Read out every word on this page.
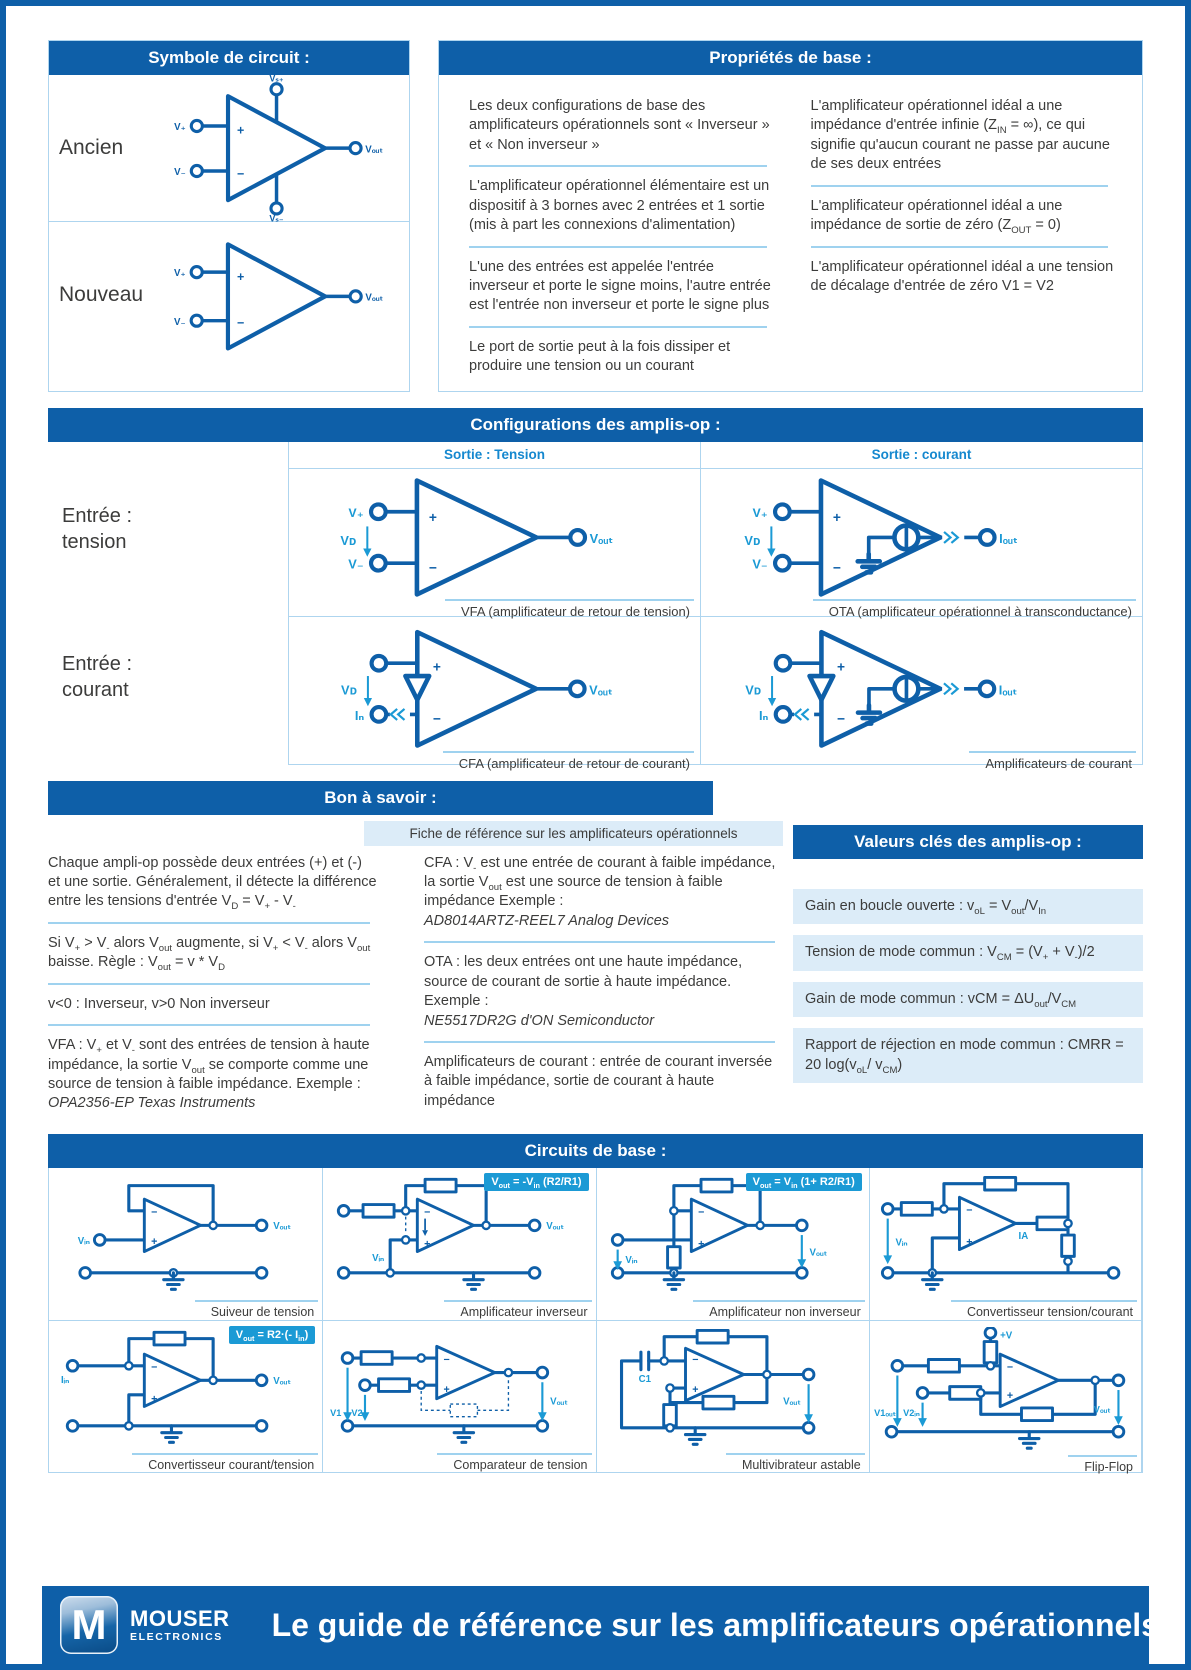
Symbole de circuit :
Ancien
+
−
V₊
V₋
Vₛ₊
Vₛ₋
Vₒᵤₜ
Nouveau
+
−
V₊
V₋
Vₒᵤₜ
Propriétés de base :
Les deux configurations de base des amplificateurs opérationnels sont « Inverseur » et « Non inverseur »
L'amplificateur opérationnel élémentaire est un dispositif à 3 bornes avec 2 entrées et 1 sortie (mis à part les connexions d'alimentation)
L'une des entrées est appelée l'entrée inverseur et porte le signe moins, l'autre entrée est l'entrée non inverseur et porte le signe plus
Le port de sortie peut à la fois dissiper et produire une tension ou un courant
L'amplificateur opérationnel idéal a une impédance d'entrée infinie ($Z_{IN}$ = ∞), ce qui signifie qu'aucun courant ne passe par aucune de ses deux entrées
L'amplificateur opérationnel idéal a une impédance de sortie de zéro $(Z_{OUT} = 0)$
L'amplificateur opérationnel idéal a une tension de décalage d'entrée de zéro V1 = V2
Configurations des amplis-op :
Sortie : Tension	Sortie : courant
Entrée :
tension
+
−
V₊
V₋
Vᴅ	Vₒᵤₜ
VFA (amplificateur de retour de tension)
+
−
V₊
V₋
Vᴅ	Iₒᵤₜ
OTA (amplificateur opérationnel à transconductance)
Entrée :
courant
+
−
Vᴅ
Iₙ
Vₒᵤₜ
CFA (amplificateur de retour de courant)
+
−
Vᴅ
Iₙ
Iₒᵤₜ
Amplificateurs de courant
Bon à savoir :
Fiche de référence sur les amplificateurs opérationnels
Chaque ampli-op possède deux entrées (+) et (-) et une sortie. Généralement, il détecte la différence entre les tensions d'entrée $V_D = V_+ - V_-$
Si $V_+ > V_-$ alors $V_{out}$ augmente, si $V_+ < V_-$ alors $V_{out}$ baisse. Règle : $V_{out} = v * V_D$
v<0 : Inverseur, v>0 Non inverseur
VFA : $V_+$ et $V_-$ sont des entrées de tension à haute impédance, la sortie $V_{out}$ se comporte comme une source de tension à faible impédance. Exemple :
OPA2356-EP Texas Instruments
CFA : $V_-$ est une entrée de courant à faible impédance, la sortie $V_{out}$ est une source de tension à faible impédance Exemple :
AD8014ARTZ-REEL7 Analog Devices
OTA : les deux entrées ont une haute impédance, source de courant de sortie à haute impédance. Exemple :
NE5517DR2G d'ON Semiconductor
Amplificateurs de courant : entrée de courant inversée à faible impédance, sortie de courant à haute impédance
Valeurs clés des amplis-op :
Gain en boucle ouverte : $v_{oL} = V_{out}/V_{In}$
Tension de mode commun : $V_{CM} = (V_+ + V_-)/2$
Gain de mode commun : vCM = $\Delta U_{out}/V_{CM}$
Rapport de réjection en mode commun : CMRR = 20 $\log(v_{oL}/$ $v_{CM}$)
Circuits de base :
−
+
Vᵢₙ
Vₒᵤₜ
Suiveur de tension
$V_{out} = -V_{in}$ (R2/R1)
−
+
Vᵢₙ
Vₒᵤₜ
Amplificateur inverseur
$V_{out} = V_{in}$ (1+ R2/R1)
−
+
Vᵢₙ
Vₒᵤₜ
Amplificateur non inverseur
−
+
Vᵢₙ
IA
Convertisseur tension/courant
$V_{out} = R2\cdot(-$ $I_{in}$)
−
+
Iᵢₙ	Vₒᵤₜ
Convertisseur courant/tension
−
+
V1 V2
Vₒᵤₜ
Comparateur de tension
−
+
C1
Vₒᵤₜ
Multivibrateur astable
−
+
+V
V1ₒᵤₜ V2ᵢₙ	Vₒᵤₜ
Flip-Flop
M	MOUSER
ELECTRONICS Le guide de référence sur les amplificateurs opérationnels
